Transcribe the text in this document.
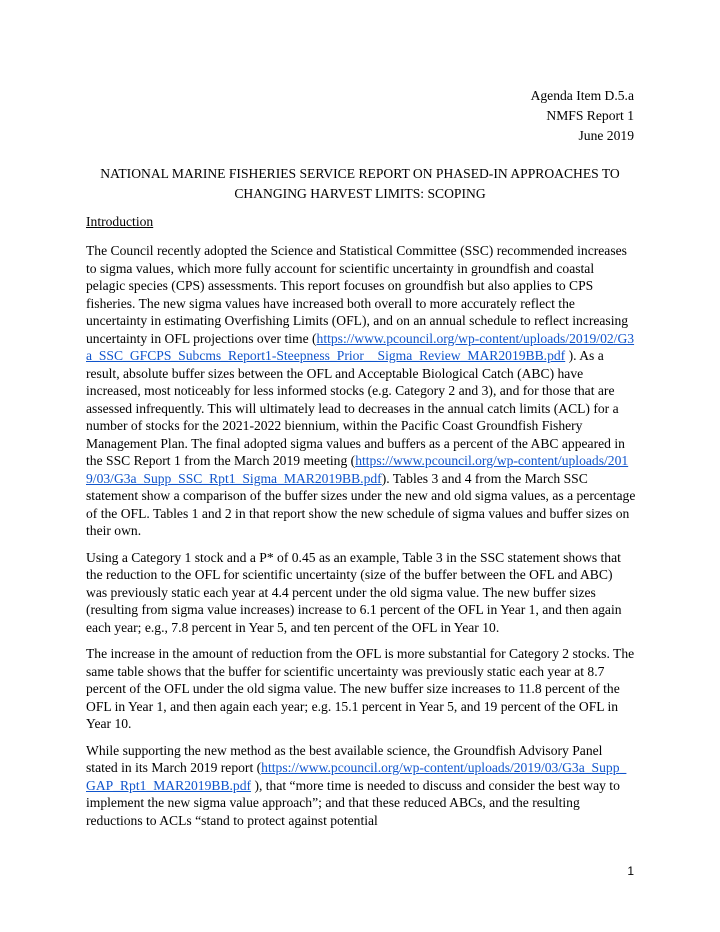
Agenda Item D.5.a
NMFS Report 1
June 2019
NATIONAL MARINE FISHERIES SERVICE REPORT ON PHASED-IN APPROACHES TO
CHANGING HARVEST LIMITS: SCOPING
Introduction

The Council recently adopted the Science and Statistical Committee (SSC) recommended increases to sigma values, which more fully account for scientific uncertainty in groundfish and coastal pelagic species (CPS) assessments. This report focuses on groundfish but also applies to CPS fisheries. The new sigma values have increased both overall to more accurately reflect the uncertainty in estimating Overfishing Limits (OFL), and on an annual schedule to reflect increasing uncertainty in OFL projections over time (https://www.pcouncil.org/wp-content/uploads/2019/02/G3a_SSC_GFCPS_Subcms_Report1-Steepness_Prior__Sigma_Review_MAR2019BB.pdf ). As a result, absolute buffer sizes between the OFL and Acceptable Biological Catch (ABC) have increased, most noticeably for less informed stocks (e.g. Category 2 and 3), and for those that are assessed infrequently. This will ultimately lead to decreases in the annual catch limits (ACL) for a number of stocks for the 2021-2022 biennium, within the Pacific Coast Groundfish Fishery Management Plan. The final adopted sigma values and buffers as a percent of the ABC appeared in the SSC Report 1 from the March 2019 meeting (https://www.pcouncil.org/wp-content/uploads/2019/03/G3a_Supp_SSC_Rpt1_Sigma_MAR2019BB.pdf). Tables 3 and 4 from the March SSC statement show a comparison of the buffer sizes under the new and old sigma values, as a percentage of the OFL. Tables 1 and 2 in that report show the new schedule of sigma values and buffer sizes on their own.

Using a Category 1 stock and a P* of 0.45 as an example, Table 3 in the SSC statement shows that the reduction to the OFL for scientific uncertainty (size of the buffer between the OFL and ABC) was previously static each year at 4.4 percent under the old sigma value. The new buffer sizes (resulting from sigma value increases) increase to 6.1 percent of the OFL in Year 1, and then again each year; e.g., 7.8 percent in Year 5, and ten percent of the OFL in Year 10.

The increase in the amount of reduction from the OFL is more substantial for Category 2 stocks. The same table shows that the buffer for scientific uncertainty was previously static each year at 8.7 percent of the OFL under the old sigma value. The new buffer size increases to 11.8 percent of the OFL in Year 1, and then again each year; e.g. 15.1 percent in Year 5, and 19 percent of the OFL in Year 10.

While supporting the new method as the best available science, the Groundfish Advisory Panel stated in its March 2019 report (https://www.pcouncil.org/wp-content/uploads/2019/03/G3a_Supp_GAP_Rpt1_MAR2019BB.pdf ), that “more time is needed to discuss and consider the best way to implement the new sigma value approach”; and that these reduced ABCs, and the resulting reductions to ACLs “stand to protect against potential

1
